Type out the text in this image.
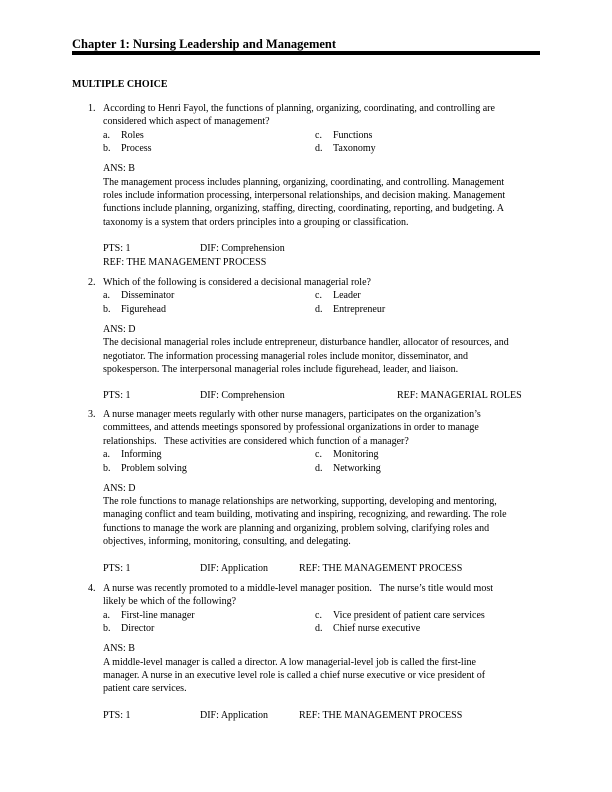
Chapter 1: Nursing Leadership and Management
MULTIPLE CHOICE
1. According to Henri Fayol, the functions of planning, organizing, coordinating, and controlling are
considered which aspect of management?
a.	Roles	c.	Functions
b.	Process	d.	Taxonomy
ANS: B
The management process includes planning, organizing, coordinating, and controlling. Management
roles include information processing, interpersonal relationships, and decision making. Management
functions include planning, organizing, staffing, directing, coordinating, reporting, and budgeting. A
taxonomy is a system that orders principles into a grouping or classification.
PTS: 1	DIF: Comprehension
REF: THE MANAGEMENT PROCESS
2. Which of the following is considered a decisional managerial role?
a.	Disseminator	c.	Leader
b.	Figurehead	d.	Entrepreneur
ANS: D
The decisional managerial roles include entrepreneur, disturbance handler, allocator of resources, and
negotiator. The information processing managerial roles include monitor, disseminator, and
spokesperson. The interpersonal managerial roles include figurehead, leader, and liaison.
PTS: 1	DIF: Comprehension	REF: MANAGERIAL ROLES
3. A nurse manager meets regularly with other nurse managers, participates on the organization’s
committees, and attends meetings sponsored by professional organizations in order to manage
relationships.   These activities are considered which function of a manager?
a.	Informing	c.	Monitoring
b.	Problem solving	d.	Networking
ANS: D
The role functions to manage relationships are networking, supporting, developing and mentoring,
managing conflict and team building, motivating and inspiring, recognizing, and rewarding. The role
functions to manage the work are planning and organizing, problem solving, clarifying roles and
objectives, informing, monitoring, consulting, and delegating.
PTS: 1	DIF: Application	REF: THE MANAGEMENT PROCESS
4. A nurse was recently promoted to a middle-level manager position.   The nurse’s title would most
likely be which of the following?
a.	First-line manager	c.	Vice president of patient care services
b.	Director	d.	Chief nurse executive
ANS: B
A middle-level manager is called a director. A low managerial-level job is called the first-line
manager. A nurse in an executive level role is called a chief nurse executive or vice president of
patient care services.
PTS: 1	DIF: Application	REF: THE MANAGEMENT PROCESS
